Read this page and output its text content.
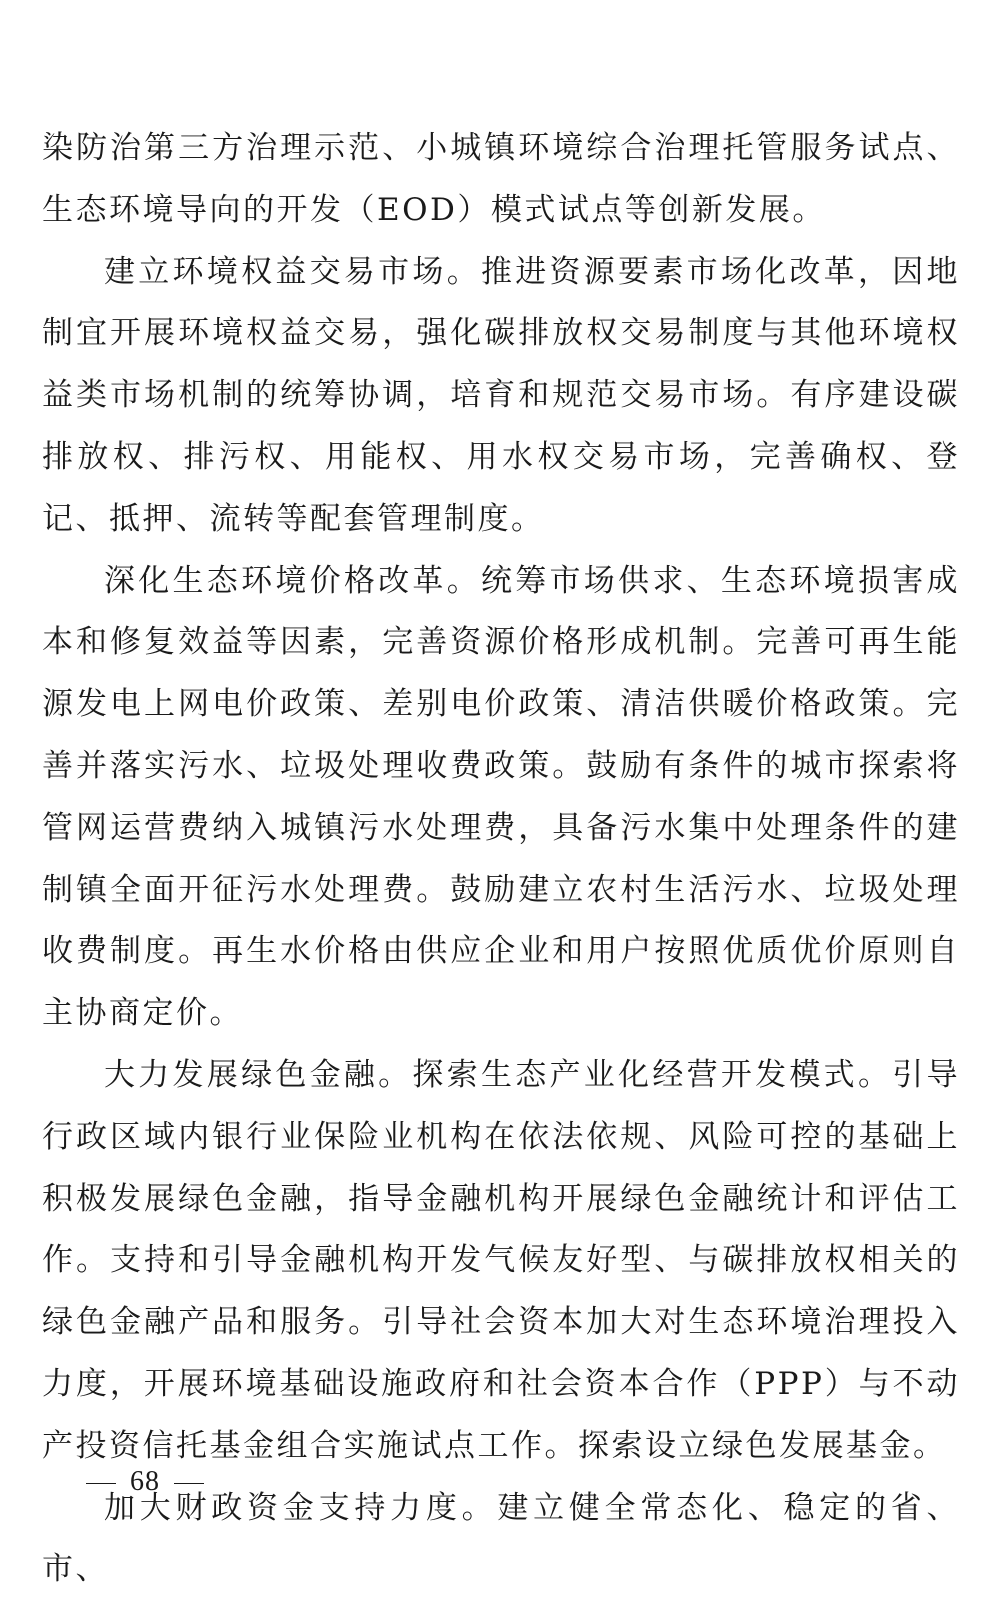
染防治第三方治理示范、小城镇环境综合治理托管服务试点、生态环境导向的开发（EOD）模式试点等创新发展。

建立环境权益交易市场。推进资源要素市场化改革，因地制宜开展环境权益交易，强化碳排放权交易制度与其他环境权益类市场机制的统筹协调，培育和规范交易市场。有序建设碳排放权、排污权、用能权、用水权交易市场，完善确权、登记、抵押、流转等配套管理制度。

深化生态环境价格改革。统筹市场供求、生态环境损害成本和修复效益等因素，完善资源价格形成机制。完善可再生能源发电上网电价政策、差别电价政策、清洁供暖价格政策。完善并落实污水、垃圾处理收费政策。鼓励有条件的城市探索将管网运营费纳入城镇污水处理费，具备污水集中处理条件的建制镇全面开征污水处理费。鼓励建立农村生活污水、垃圾处理收费制度。再生水价格由供应企业和用户按照优质优价原则自主协商定价。

大力发展绿色金融。探索生态产业化经营开发模式。引导行政区域内银行业保险业机构在依法依规、风险可控的基础上积极发展绿色金融，指导金融机构开展绿色金融统计和评估工作。支持和引导金融机构开发气候友好型、与碳排放权相关的绿色金融产品和服务。引导社会资本加大对生态环境治理投入力度，开展环境基础设施政府和社会资本合作（PPP）与不动产投资信托基金组合实施试点工作。探索设立绿色发展基金。

加大财政资金支持力度。建立健全常态化、稳定的省、市、

68
